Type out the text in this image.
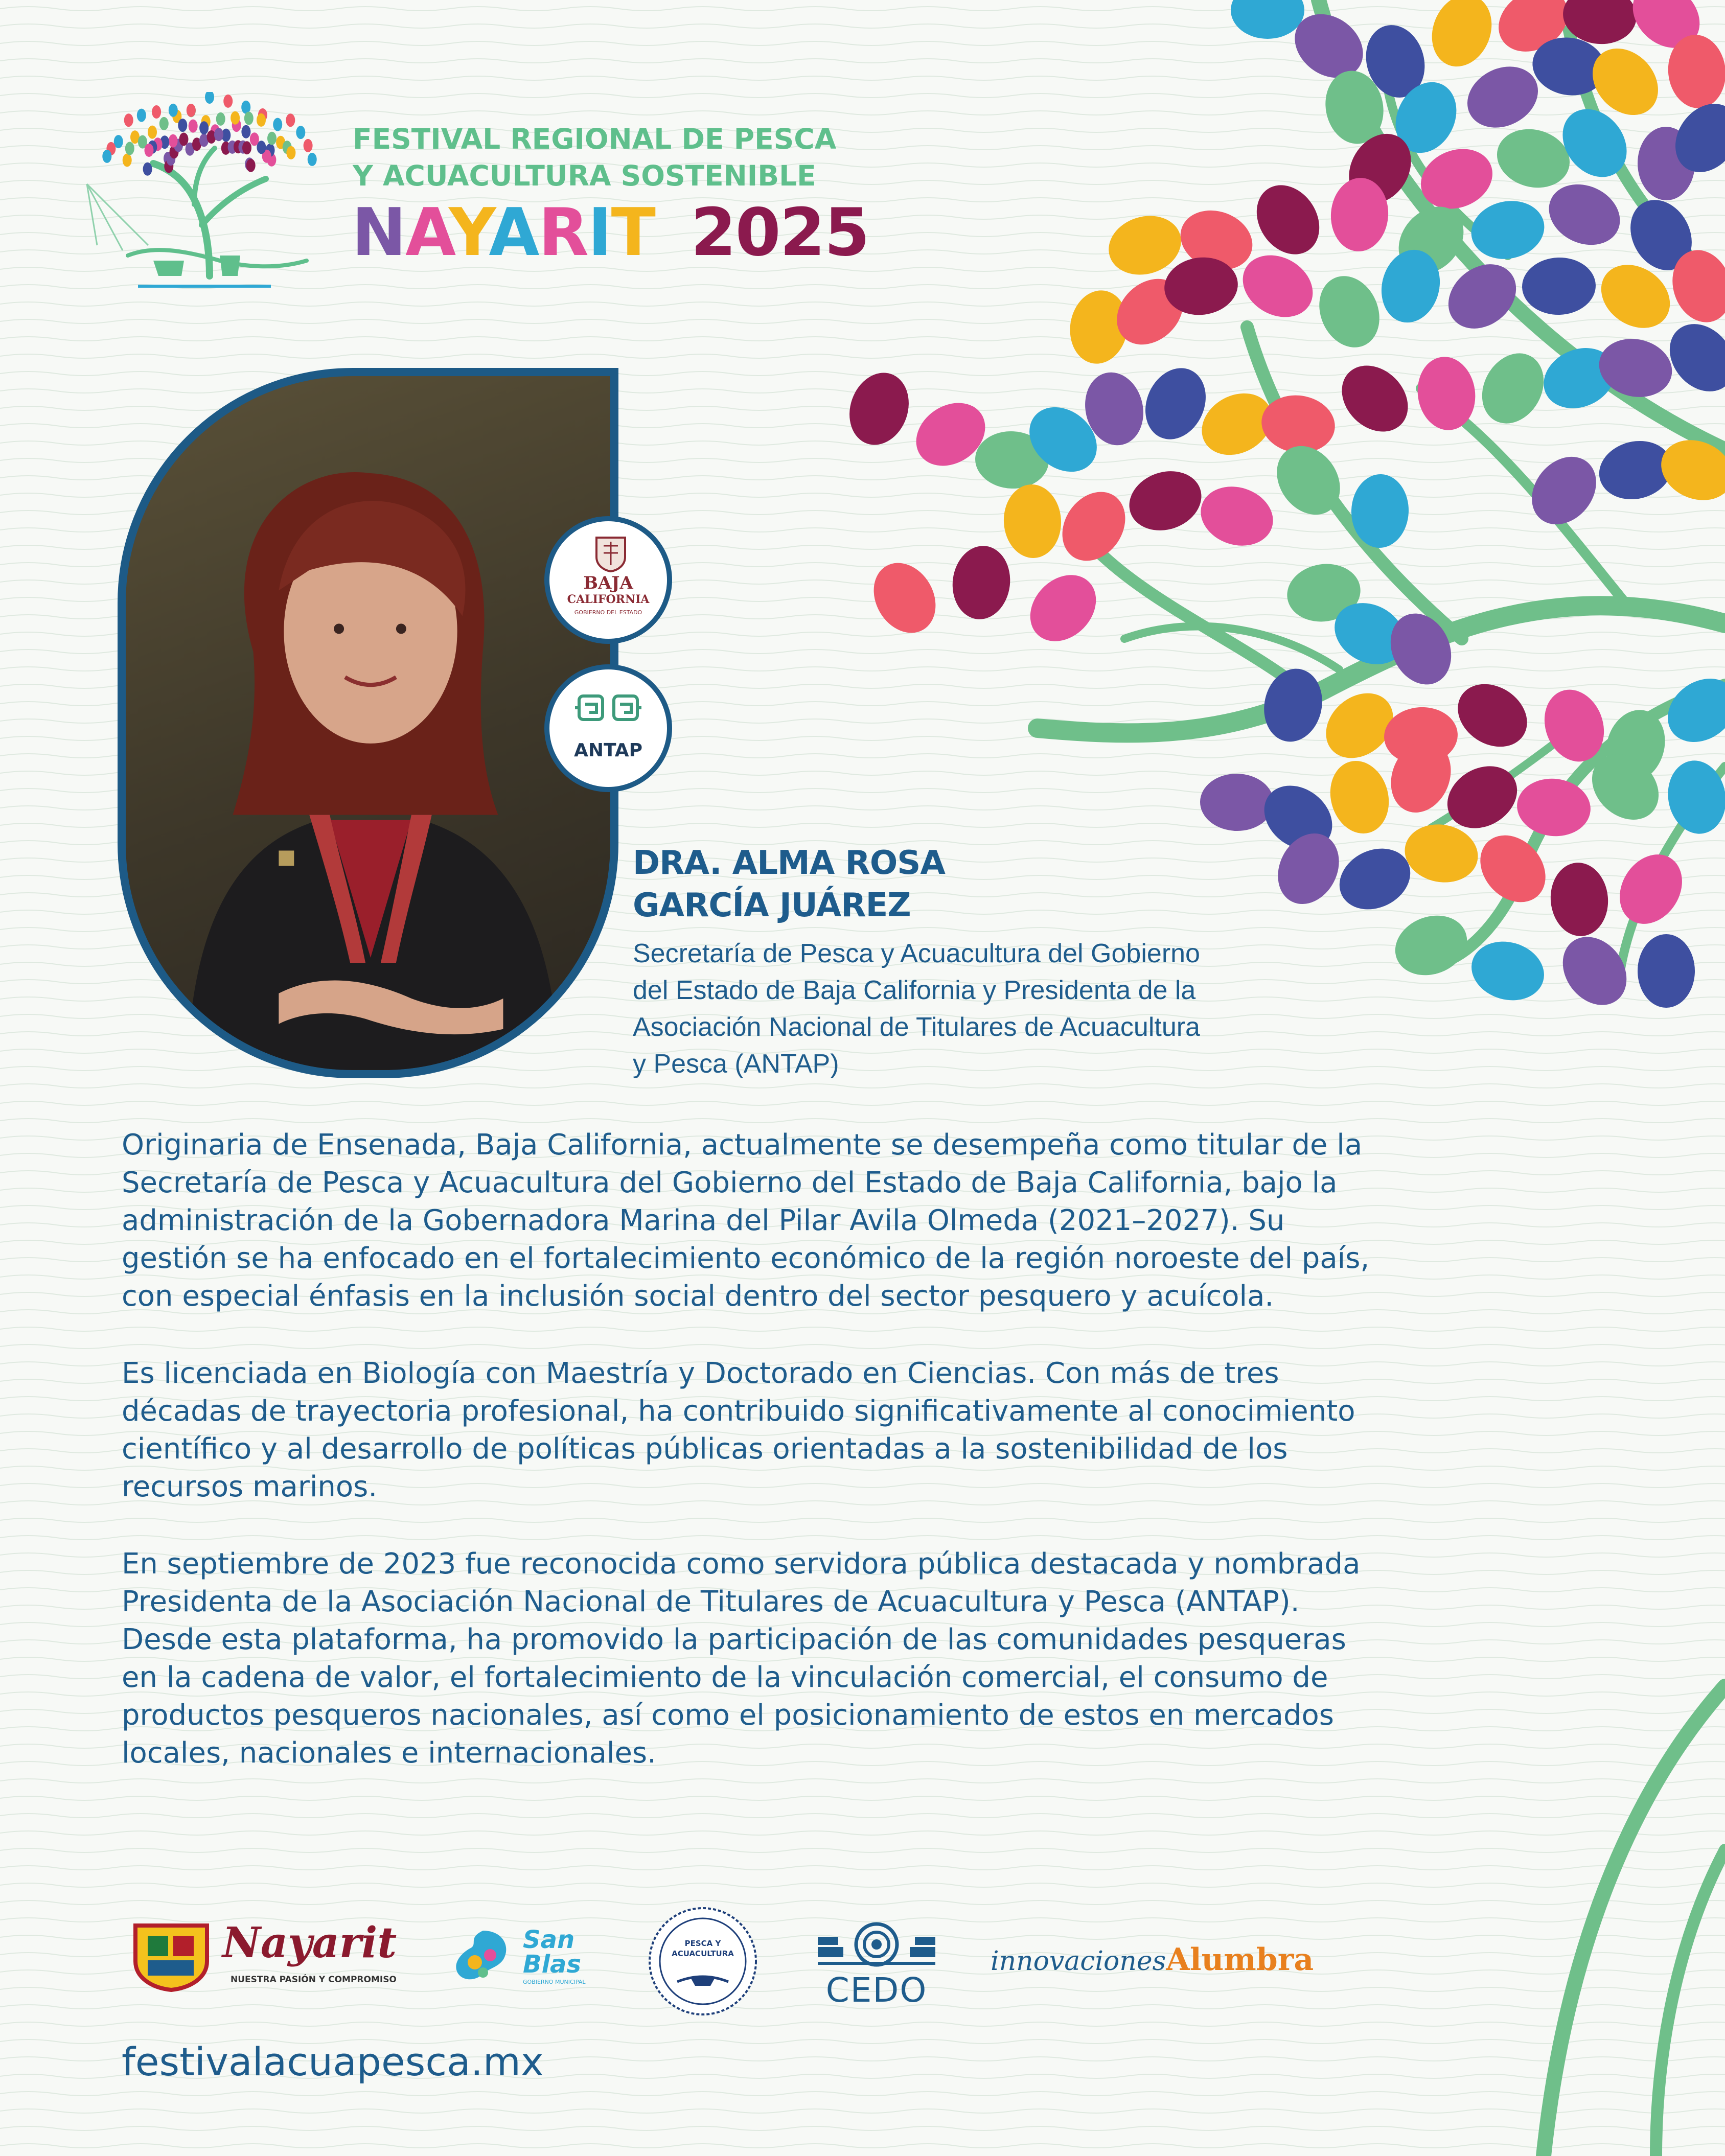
FESTIVAL REGIONAL DE PESCA
Y ACUACULTURA SOSTENIBLE
NAYARIT 2025
BAJA
CALIFORNIA
GOBIERNO DEL ESTADO
ANTAP
DRA. ALMA ROSA
GARCÍA JUÁREZ
Secretaría de Pesca y Acuacultura del Gobierno
del Estado de Baja California y Presidenta de la
Asociación Nacional de Titulares de Acuacultura
y Pesca (ANTAP)
Originaria de Ensenada, Baja California, actualmente se desempeña como titular de la
Secretaría de Pesca y Acuacultura del Gobierno del Estado de Baja California, bajo la
administración de la Gobernadora Marina del Pilar Avila Olmeda (2021–2027). Su
gestión se ha enfocado en el fortalecimiento económico de la región noroeste del país,
con especial énfasis en la inclusión social dentro del sector pesquero y acuícola.
Es licenciada en Biología con Maestría y Doctorado en Ciencias. Con más de tres
décadas de trayectoria profesional, ha contribuido significativamente al conocimiento
científico y al desarrollo de políticas públicas orientadas a la sostenibilidad de los
recursos marinos.
En septiembre de 2023 fue reconocida como servidora pública destacada y nombrada
Presidenta de la Asociación Nacional de Titulares de Acuacultura y Pesca (ANTAP).
Desde esta plataforma, ha promovido la participación de las comunidades pesqueras
en la cadena de valor, el fortalecimiento de la vinculación comercial, el consumo de
productos pesqueros nacionales, así como el posicionamiento de estos en mercados
locales, nacionales e internacionales.
Nayarit
NUESTRA PASIÓN Y COMPROMISO
San
Blas
GOBIERNO MUNICIPAL
PESCA Y
ACUACULTURA
CEDO
innovacionesAlumbra
festivalacuapesca.mx
